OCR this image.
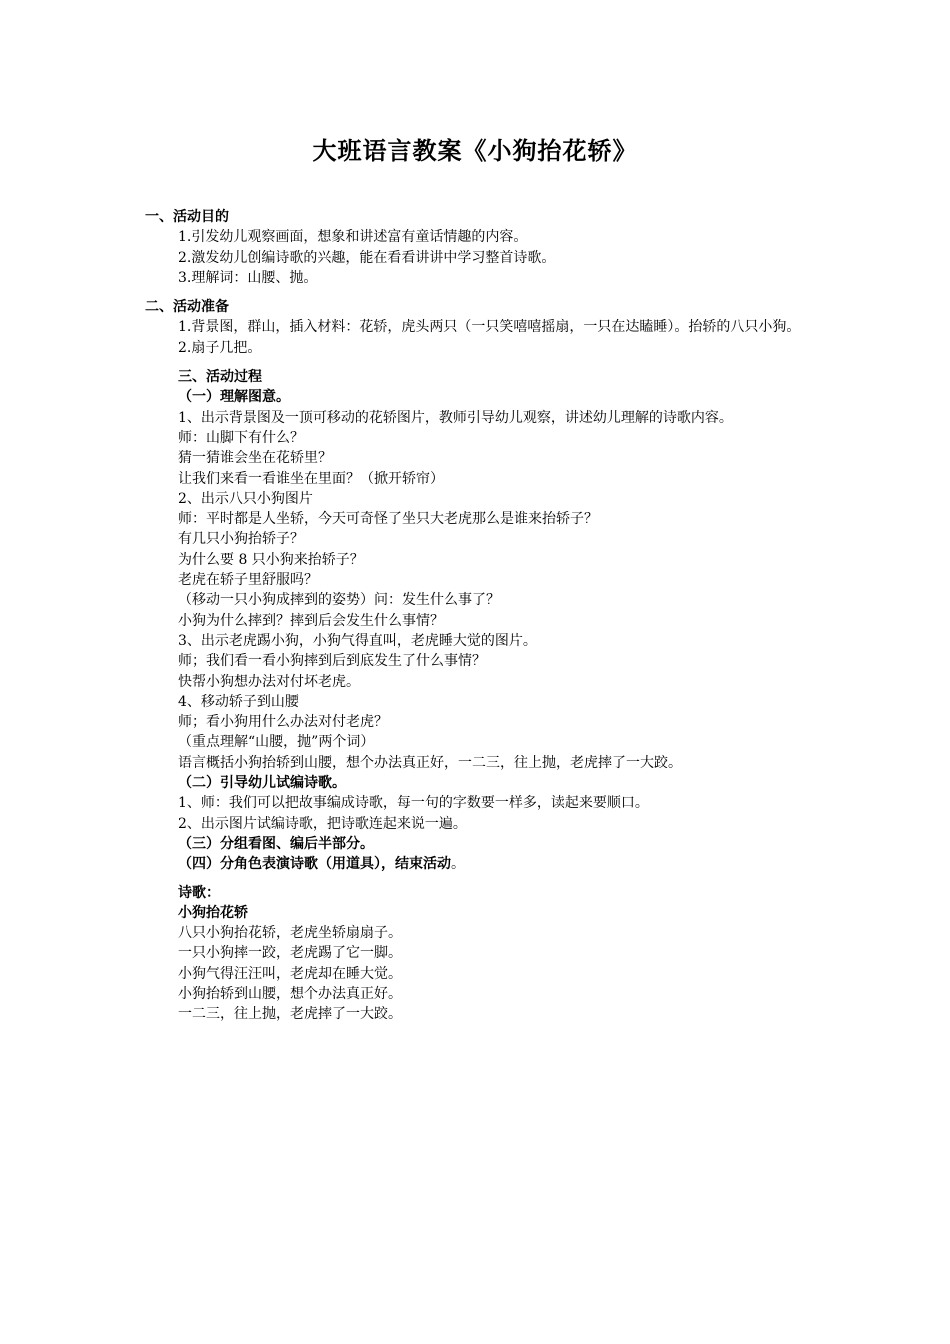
大班语言教案《小狗抬花轿》

一、活动目的

1.引发幼儿观察画面，想象和讲述富有童话情趣的内容。

2.激发幼儿创编诗歌的兴趣，能在看看讲讲中学习整首诗歌。

3.理解词：山腰、抛。

二、活动准备

1.背景图，群山，插入材料：花轿，虎头两只（一只笑嘻嘻摇扇，一只在达瞌睡）。抬轿的八只小狗。

2.扇子几把。

三、活动过程

（一）理解图意。

1、出示背景图及一顶可移动的花轿图片，教师引导幼儿观察，讲述幼儿理解的诗歌内容。

师：山脚下有什么？

猜一猜谁会坐在花轿里？

让我们来看一看谁坐在里面？（掀开轿帘）

2、出示八只小狗图片

师：平时都是人坐轿，今天可奇怪了坐只大老虎那么是谁来抬轿子？

有几只小狗抬轿子？

为什么要 8 只小狗来抬轿子？

老虎在轿子里舒服吗？

（移动一只小狗成摔到的姿势）问：发生什么事了？

小狗为什么摔到？摔到后会发生什么事情？

3、出示老虎踢小狗，小狗气得直叫，老虎睡大觉的图片。

师；我们看一看小狗摔到后到底发生了什么事情？

快帮小狗想办法对付坏老虎。

4、移动轿子到山腰

师；看小狗用什么办法对付老虎？

（重点理解“山腰，抛”两个词）

语言概括小狗抬轿到山腰，想个办法真正好，一二三，往上抛，老虎摔了一大跤。

（二）引导幼儿试编诗歌。

1、师：我们可以把故事编成诗歌，每一句的字数要一样多，读起来要顺口。

2、出示图片试编诗歌，把诗歌连起来说一遍。

（三）分组看图、编后半部分。

（四）分角色表演诗歌（用道具），结束活动。

诗歌：

小狗抬花轿

八只小狗抬花轿，老虎坐轿扇扇子。

一只小狗摔一跤，老虎踢了它一脚。

小狗气得汪汪叫，老虎却在睡大觉。

小狗抬轿到山腰，想个办法真正好。

一二三，往上抛，老虎摔了一大跤。
